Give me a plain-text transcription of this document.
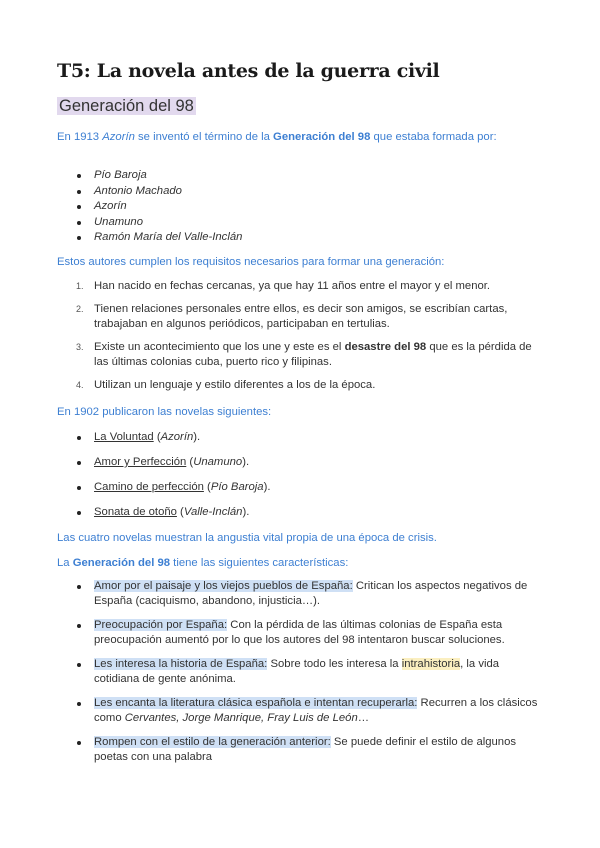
T5: La novela antes de la guerra civil
Generación del 98

En 1913 Azorín se inventó el término de la Generación del 98 que estaba formada por:

Pío Baroja
Antonio Machado
Azorín
Unamuno
Ramón María del Valle-Inclán

Estos autores cumplen los requisitos necesarios para formar una generación:

1. Han nacido en fechas cercanas, ya que hay 11 años entre el mayor y el menor.
2. Tienen relaciones personales entre ellos, es decir son amigos, se escribían cartas, trabajaban en algunos periódicos, participaban en tertulias.
3. Existe un acontecimiento que los une y este es el desastre del 98 que es la pérdida de las últimas colonias cuba, puerto rico y filipinas.
4. Utilizan un lenguaje y estilo diferentes a los de la época.

En 1902 publicaron las novelas siguientes:

La Voluntad (Azorín).
Amor y Perfección (Unamuno).
Camino de perfección (Pío Baroja).
Sonata de otoño (Valle-Inclán).

Las cuatro novelas muestran la angustia vital propia de una época de crisis.

La Generación del 98 tiene las siguientes características:

Amor por el paisaje y los viejos pueblos de España: Critican los aspectos negativos de España (caciquismo, abandono, injusticia…).
Preocupación por España: Con la pérdida de las últimas colonias de España esta preocupación aumentó por lo que los autores del 98 intentaron buscar soluciones.
Les interesa la historia de España: Sobre todo les interesa la intrahistoria, la vida cotidiana de gente anónima.
Les encanta la literatura clásica española e intentan recuperarla: Recurren a los clásicos como Cervantes, Jorge Manrique, Fray Luis de León…
Rompen con el estilo de la generación anterior: Se puede definir el estilo de algunos poetas con una palabra
